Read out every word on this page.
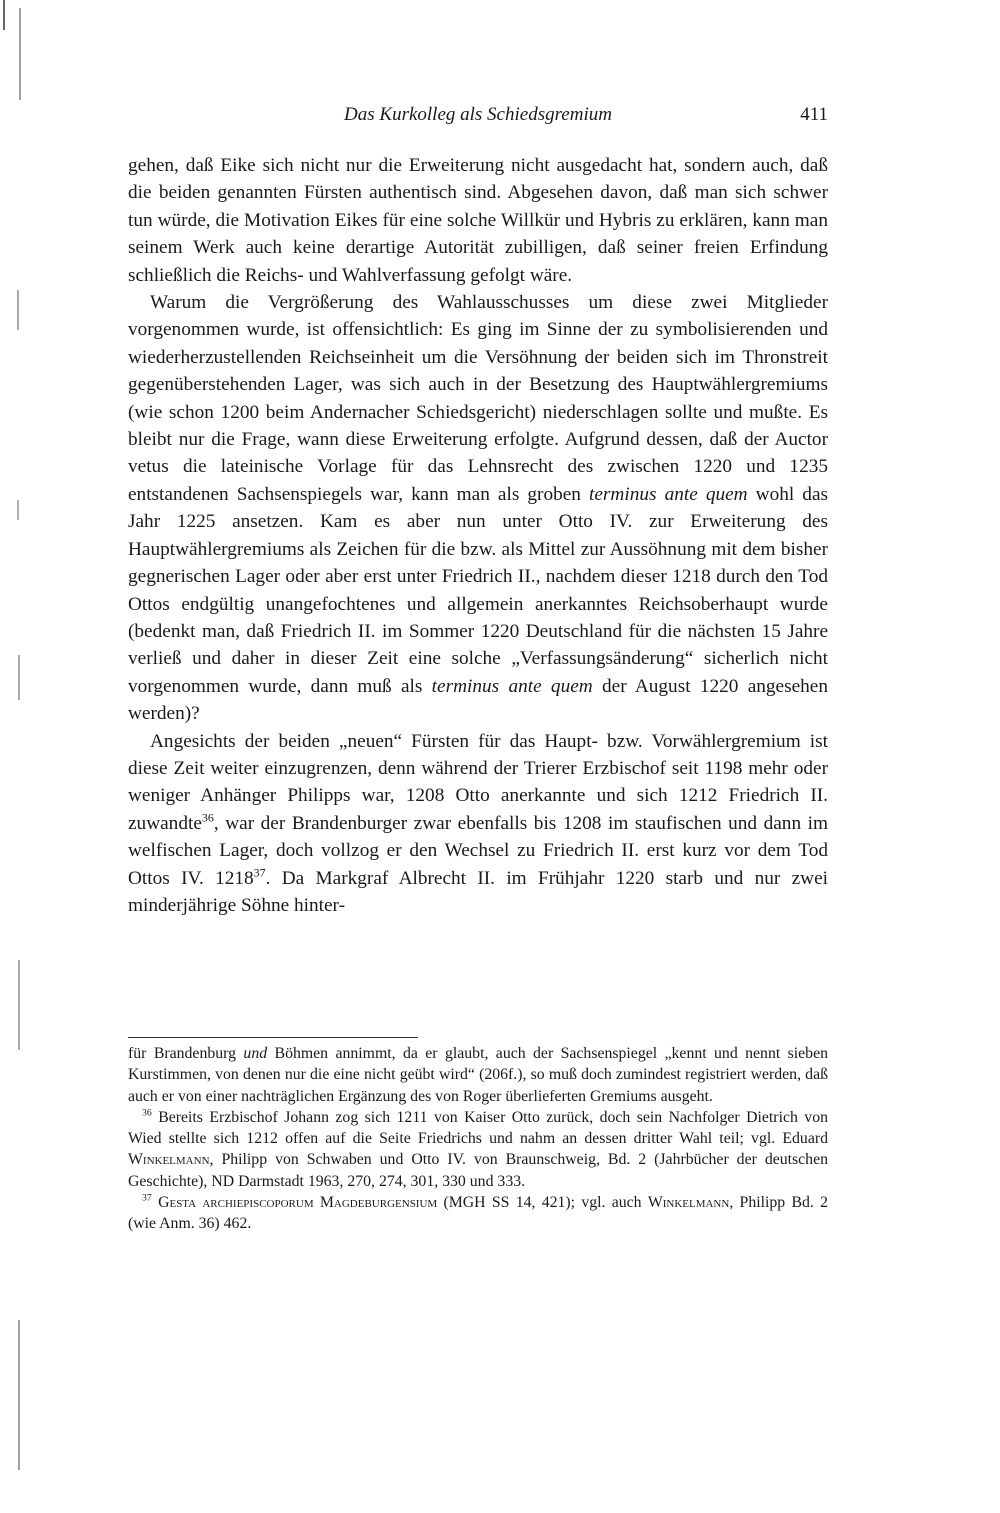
Das Kurkolleg als Schiedsgremium	411

gehen, daß Eike sich nicht nur die Erweiterung nicht ausgedacht hat, sondern auch, daß die beiden genannten Fürsten authentisch sind. Abgesehen davon, daß man sich schwer tun würde, die Motivation Eikes für eine solche Willkür und Hybris zu erklären, kann man seinem Werk auch keine derartige Autorität zubilligen, daß seiner freien Erfindung schließlich die Reichs- und Wahlverfassung gefolgt wäre.

Warum die Vergrößerung des Wahlausschusses um diese zwei Mitglieder vorgenommen wurde, ist offensichtlich: Es ging im Sinne der zu symbolisierenden und wiederherzustellenden Reichseinheit um die Versöhnung der beiden sich im Thronstreit gegenüberstehenden Lager, was sich auch in der Besetzung des Hauptwählergremiums (wie schon 1200 beim Andernacher Schiedsgericht) niederschlagen sollte und mußte. Es bleibt nur die Frage, wann diese Erweiterung erfolgte. Aufgrund dessen, daß der Auctor vetus die lateinische Vorlage für das Lehnsrecht des zwischen 1220 und 1235 entstandenen Sachsenspiegels war, kann man als groben terminus ante quem wohl das Jahr 1225 ansetzen. Kam es aber nun unter Otto IV. zur Erweiterung des Hauptwählergremiums als Zeichen für die bzw. als Mittel zur Aussöhnung mit dem bisher gegnerischen Lager oder aber erst unter Friedrich II., nachdem dieser 1218 durch den Tod Ottos endgültig unangefochtenes und allgemein anerkanntes Reichsoberhaupt wurde (bedenkt man, daß Friedrich II. im Sommer 1220 Deutschland für die nächsten 15 Jahre verließ und daher in dieser Zeit eine solche „Verfassungsänderung“ sicherlich nicht vorgenommen wurde, dann muß als terminus ante quem der August 1220 angesehen werden)?

Angesichts der beiden „neuen“ Fürsten für das Haupt- bzw. Vorwählergremium ist diese Zeit weiter einzugrenzen, denn während der Trierer Erzbischof seit 1198 mehr oder weniger Anhänger Philipps war, 1208 Otto anerkannte und sich 1212 Friedrich II. zuwandte$^{36}$, war der Brandenburger zwar ebenfalls bis 1208 im staufischen und dann im welfischen Lager, doch vollzog er den Wechsel zu Friedrich II. erst kurz vor dem Tod Ottos IV. 1218$^{37}$. Da Markgraf Albrecht II. im Frühjahr 1220 starb und nur zwei minderjährige Söhne hinter-

für Brandenburg und Böhmen annimmt, da er glaubt, auch der Sachsenspiegel „kennt und nennt sieben Kurstimmen, von denen nur die eine nicht geübt wird“ (206f.), so muß doch zumindest registriert werden, daß auch er von einer nachträglichen Ergänzung des von Roger überlieferten Gremiums ausgeht.

$^{36}$ Bereits Erzbischof Johann zog sich 1211 von Kaiser Otto zurück, doch sein Nachfolger Dietrich von Wied stellte sich 1212 offen auf die Seite Friedrichs und nahm an dessen dritter Wahl teil; vgl. Eduard Winkelmann, Philipp von Schwaben und Otto IV. von Braunschweig, Bd. 2 (Jahrbücher der deutschen Geschichte), ND Darmstadt 1963, 270, 274, 301, 330 und 333.

$^{37}$ Gesta archiepiscoporum Magdeburgensium (MGH SS 14, 421); vgl. auch Winkelmann, Philipp Bd. 2 (wie Anm. 36) 462.
